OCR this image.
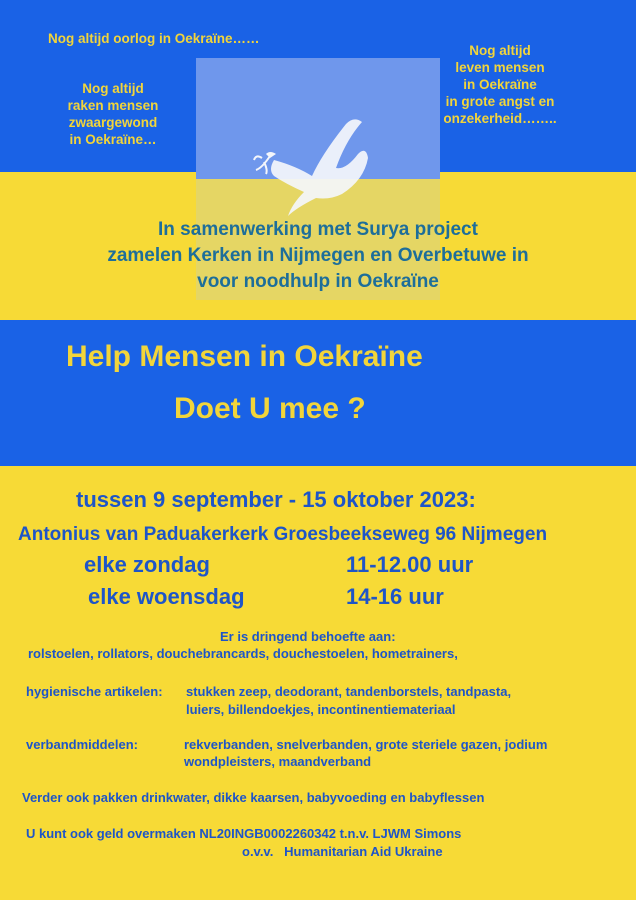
Nog altijd oorlog in Oekraïne……
Nog altijd
raken mensen
zwaargewond
in Oekraïne…
Nog altijd
leven mensen
in Oekraïne
in grote angst en
onzekerheid……..
In samenwerking met Surya project
zamelen Kerken in Nijmegen en Overbetuwe in
voor noodhulp in Oekraïne
Help Mensen in Oekraïne
Doet U mee ?
tussen 9 september - 15 oktober 2023:
Antonius van Paduakerkerk Groesbeekseweg 96 Nijmegen
elke zondag	11-12.00 uur
elke woensdag	14-16 uur
Er is dringend behoefte aan:
rolstoelen, rollators, douchebrancards, douchestoelen, hometrainers,
hygienische artikelen: stukken zeep, deodorant, tandenborstels, tandpasta,
luiers, billendoekjes, incontinentiemateriaal
verbandmiddelen:	rekverbanden, snelverbanden, grote steriele gazen, jodium
wondpleisters, maandverband
Verder ook pakken drinkwater, dikke kaarsen, babyvoeding en babyflessen
U kunt ook geld overmaken NL20INGB0002260342 t.n.v. LJWM Simons
o.v.v.   Humanitarian Aid Ukraine
